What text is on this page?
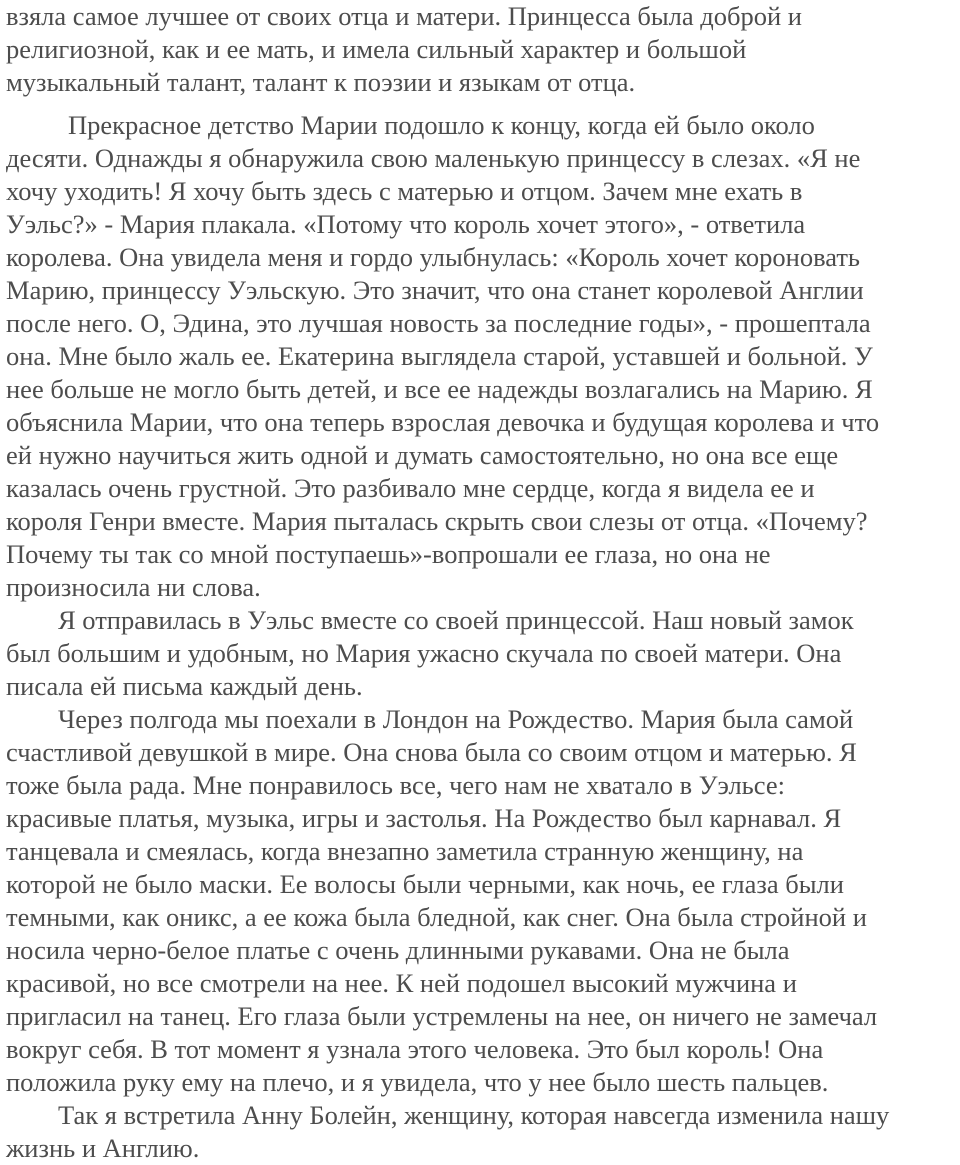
взяла самое лучшее от своих отца и матери. Принцесса была доброй и
религиозной, как и ее мать, и имела сильный характер и большой
музыкальный талант, талант к поэзии и языкам от отца.
Прекрасное детство Марии подошло к концу, когда ей было около
десяти. Однажды я обнаружила свою маленькую принцессу в слезах. «Я не
хочу уходить! Я хочу быть здесь с матерью и отцом. Зачем мне ехать в
Уэльс?» - Мария плакала. «Потому что король хочет этого», - ответила
королева. Она увидела меня и гордо улыбнулась: «Король хочет короновать
Марию, принцессу Уэльскую. Это значит, что она станет королевой Англии
после него. О, Эдина, это лучшая новость за последние годы», - прошептала
она. Мне было жаль ее. Екатерина выглядела старой, уставшей и больной. У
нее больше не могло быть детей, и все ее надежды возлагались на Марию. Я
объяснила Марии, что она теперь взрослая девочка и будущая королева и что
ей нужно научиться жить одной и думать самостоятельно, но она все еще
казалась очень грустной. Это разбивало мне сердце, когда я видела ее и
короля Генри вместе. Мария пыталась скрыть свои слезы от отца. «Почему?
Почему ты так со мной поступаешь»-вопрошали ее глаза, но она не
произносила ни слова.
Я отправилась в Уэльс вместе со своей принцессой. Наш новый замок
был большим и удобным, но Мария ужасно скучала по своей матери. Она
писала ей письма каждый день.
Через полгода мы поехали в Лондон на Рождество. Мария была самой
счастливой девушкой в мире. Она снова была со своим отцом и матерью. Я
тоже была рада. Мне понравилось все, чего нам не хватало в Уэльсе:
красивые платья, музыка, игры и застолья. На Рождество был карнавал. Я
танцевала и смеялась, когда внезапно заметила странную женщину, на
которой не было маски. Ее волосы были черными, как ночь, ее глаза были
темными, как оникс, а ее кожа была бледной, как снег. Она была стройной и
носила черно-белое платье с очень длинными рукавами. Она не была
красивой, но все смотрели на нее. К ней подошел высокий мужчина и
пригласил на танец. Его глаза были устремлены на нее, он ничего не замечал
вокруг себя. В тот момент я узнала этого человека. Это был король! Она
положила руку ему на плечо, и я увидела, что у нее было шесть пальцев.
Так я встретила Анну Болейн, женщину, которая навсегда изменила нашу
жизнь и Англию.
